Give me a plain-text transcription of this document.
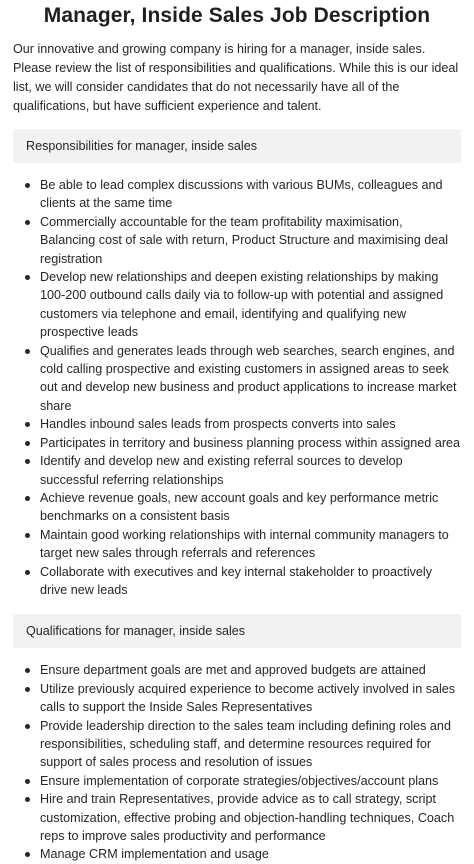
Manager, Inside Sales Job Description

Our innovative and growing company is hiring for a manager, inside sales. Please review the list of responsibilities and qualifications. While this is our ideal list, we will consider candidates that do not necessarily have all of the qualifications, but have sufficient experience and talent.

Responsibilities for manager, inside sales
Be able to lead complex discussions with various BUMs, colleagues and clients at the same time
Commercially accountable for the team profitability maximisation, Balancing cost of sale with return, Product Structure and maximising deal registration
Develop new relationships and deepen existing relationships by making 100-200 outbound calls daily via to follow-up with potential and assigned customers via telephone and email, identifying and qualifying new prospective leads
Qualifies and generates leads through web searches, search engines, and cold calling prospective and existing customers in assigned areas to seek out and develop new business and product applications to increase market share
Handles inbound sales leads from prospects converts into sales
Participates in territory and business planning process within assigned area
Identify and develop new and existing referral sources to develop successful referring relationships
Achieve revenue goals, new account goals and key performance metric benchmarks on a consistent basis
Maintain good working relationships with internal community managers to target new sales through referrals and references
Collaborate with executives and key internal stakeholder to proactively drive new leads
Qualifications for manager, inside sales
Ensure department goals are met and approved budgets are attained
Utilize previously acquired experience to become actively involved in sales calls to support the Inside Sales Representatives
Provide leadership direction to the sales team including defining roles and responsibilities, scheduling staff, and determine resources required for support of sales process and resolution of issues
Ensure implementation of corporate strategies/objectives/account plans
Hire and train Representatives, provide advice as to call strategy, script customization, effective probing and objection-handling techniques, Coach reps to improve sales productivity and performance
Manage CRM implementation and usage
